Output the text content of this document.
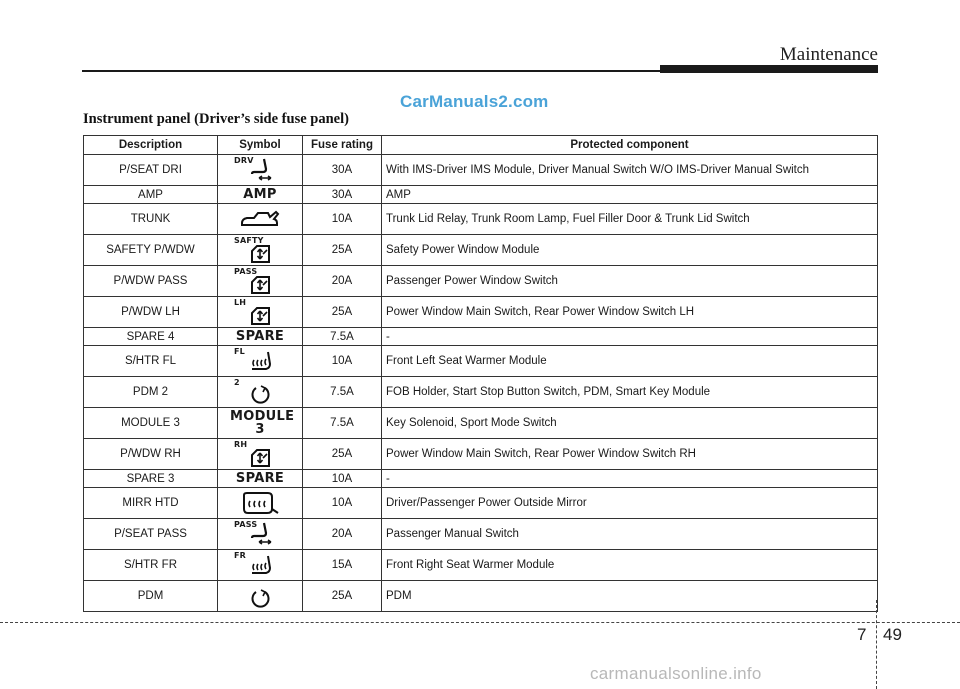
Maintenance
CarManuals2.com
Instrument panel (Driver’s side fuse panel)
Description	Symbol	Fuse rating	Protected component
P/SEAT DRI	DRV	30A	With IMS-Driver IMS Module, Driver Manual Switch W/O IMS-Driver Manual Switch
AMP	AMP	30A	AMP
TRUNK		10A	Trunk Lid Relay, Trunk Room Lamp, Fuel Filler Door & Trunk Lid Switch
SAFETY P/WDW	SAFTY	25A	Safety Power Window Module
P/WDW PASS	PASS	20A	Passenger Power Window Switch
P/WDW LH	LH	25A	Power Window Main Switch, Rear Power Window Switch LH
SPARE 4	SPARE	7.5A	-
S/HTR FL	FL	10A	Front Left Seat Warmer Module
PDM 2	2	7.5A	FOB Holder, Start Stop Button Switch, PDM, Smart Key Module
MODULE 3	MODULE 3	7.5A	Key Solenoid, Sport Mode Switch
P/WDW RH	RH	25A	Power Window Main Switch, Rear Power Window Switch RH
SPARE 3	SPARE	10A	-
MIRR HTD		10A	Driver/Passenger Power Outside Mirror
P/SEAT PASS	PASS	20A	Passenger Manual Switch
S/HTR FR	FR	15A	Front Right Seat Warmer Module
PDM		25A	PDM
7 49
carmanualsonline.info
